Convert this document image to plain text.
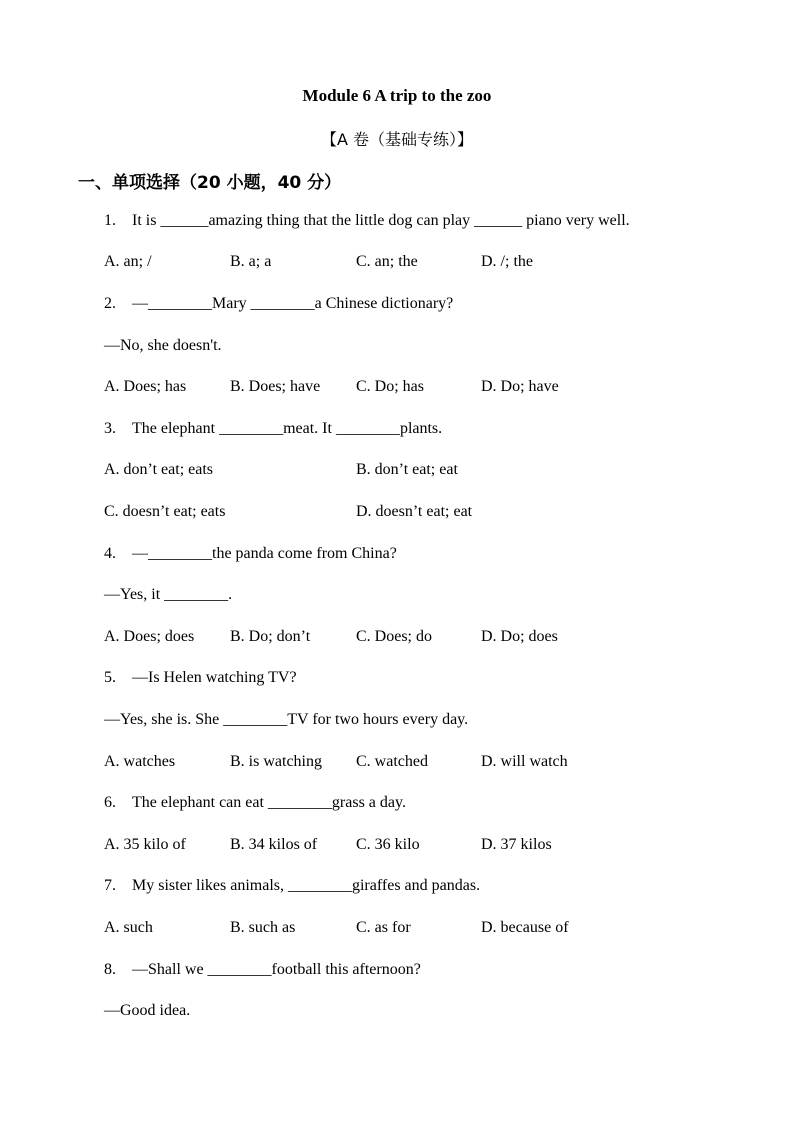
Module 6 A trip to the zoo
【A 卷（基础专练）】
一、单项选择（20 小题，40 分）
1. It is ______amazing thing that the little dog can play ______ piano very well.
A. an; /	B. a; a	C. an; the	D. /; the
2. —________Mary ________a Chinese dictionary?
—No, she doesn't.
A. Does; has	B. Does; have C. Do; has	D. Do; have
3. The elephant ________meat. It ________plants.
A. don’t eat; eats	B. don’t eat; eat
C. doesn’t eat; eats	D. doesn’t eat; eat
4. —________the panda come from China?
—Yes, it ________.
A. Does; does B. Do; don’t	C. Does; do	D. Do; does
5. —Is Helen watching TV?
—Yes, she is. She ________TV for two hours every day.
A. watches	B. is watching C. watched	D. will watch
6. The elephant can eat ________grass a day.
A. 35 kilo of	B. 34 kilos of C. 36 kilo	D. 37 kilos
7. My sister likes animals, ________giraffes and pandas.
A. such	B. such as	C. as for	D. because of
8. —Shall we ________football this afternoon?
—Good idea.
